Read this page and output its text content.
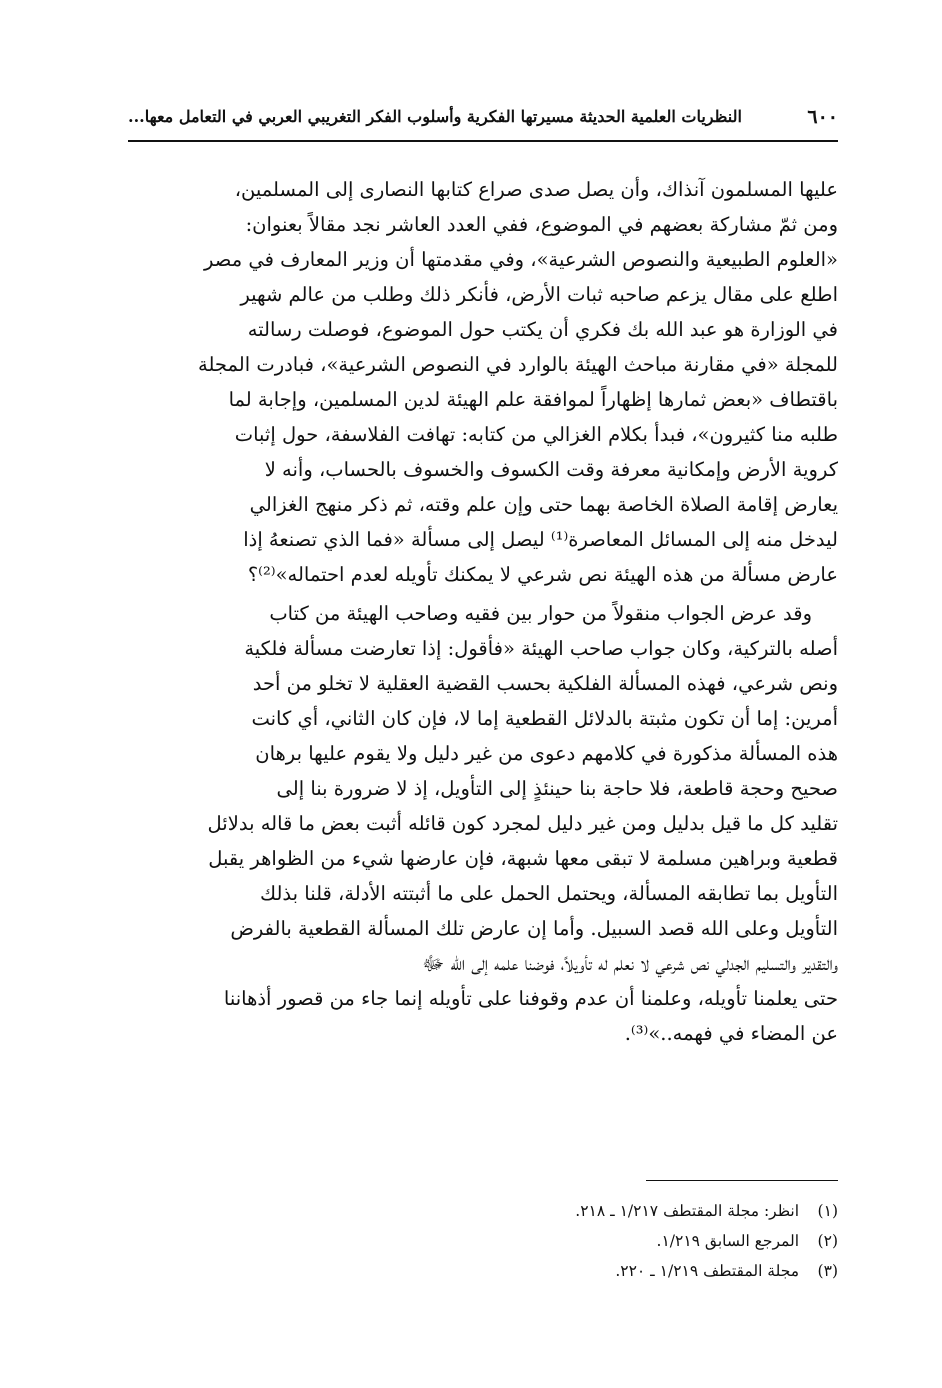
٦٠٠
النظريات العلمية الحديثة مسيرتها الفكرية وأسلوب الفكر التغريبي العربي في التعامل معها...

عليها المسلمون آنذاك، وأن يصل صدى صراع كتابها النصارى إلى المسلمين،
ومن ثمّ مشاركة بعضهم في الموضوع، ففي العدد العاشر نجد مقالاً بعنوان:
«العلوم الطبيعية والنصوص الشرعية»، وفي مقدمتها أن وزير المعارف في مصر
اطلع على مقال يزعم صاحبه ثبات الأرض، فأنكر ذلك وطلب من عالم شهير
في الوزارة هو عبد الله بك فكري أن يكتب حول الموضوع، فوصلت رسالته
للمجلة «في مقارنة مباحث الهيئة بالوارد في النصوص الشرعية»، فبادرت المجلة
باقتطاف «بعض ثمارها إظهاراً لموافقة علم الهيئة لدين المسلمين، وإجابة لما
طلبه منا كثيرون»، فبدأ بكلام الغزالي من كتابه: تهافت الفلاسفة، حول إثبات
كروية الأرض وإمكانية معرفة وقت الكسوف والخسوف بالحساب، وأنه لا
يعارض إقامة الصلاة الخاصة بهما حتى وإن علم وقته، ثم ذكر منهج الغزالي
ليدخل منه إلى المسائل المعاصرة⁽¹⁾ ليصل إلى مسألة «فما الذي تصنعهُ إذا
عارض مسألة من هذه الهيئة نص شرعي لا يمكنك تأويله لعدم احتماله»⁽²⁾؟

وقد عرض الجواب منقولاً من حوار بين فقيه وصاحب الهيئة من كتاب
أصله بالتركية، وكان جواب صاحب الهيئة «فأقول: إذا تعارضت مسألة فلكية
ونص شرعي، فهذه المسألة الفلكية بحسب القضية العقلية لا تخلو من أحد
أمرين: إما أن تكون مثبتة بالدلائل القطعية إما لا، فإن كان الثاني، أي كانت
هذه المسألة مذكورة في كلامهم دعوى من غير دليل ولا يقوم عليها برهان
صحيح وحجة قاطعة، فلا حاجة بنا حينئذٍ إلى التأويل، إذ لا ضرورة بنا إلى
تقليد كل ما قيل بدليل ومن غير دليل لمجرد كون قائله أثبت بعض ما قاله بدلائل
قطعية وبراهين مسلمة لا تبقى معها شبهة، فإن عارضها شيء من الظواهر يقبل
التأويل بما تطابقه المسألة، ويحتمل الحمل على ما أثبتته الأدلة، قلنا بذلك
التأويل وعلى الله قصد السبيل. وأما إن عارض تلك المسألة القطعية بالفرض
والتقدير والتسليم الجدلي نص شرعي لا نعلم له تأويلاً، فوضنا علمه إلى الله ﷻ
حتى يعلمنا تأويله، وعلمنا أن عدم وقوفنا على تأويله إنما جاء من قصور أذهاننا
عن المضاء في فهمه..»⁽³⁾.

(١) انظر: مجلة المقتطف ١/٢١٧ ـ ٢١٨.
(٢) المرجع السابق ١/٢١٩.
(٣) مجلة المقتطف ١/٢١٩ ـ ٢٢٠.
